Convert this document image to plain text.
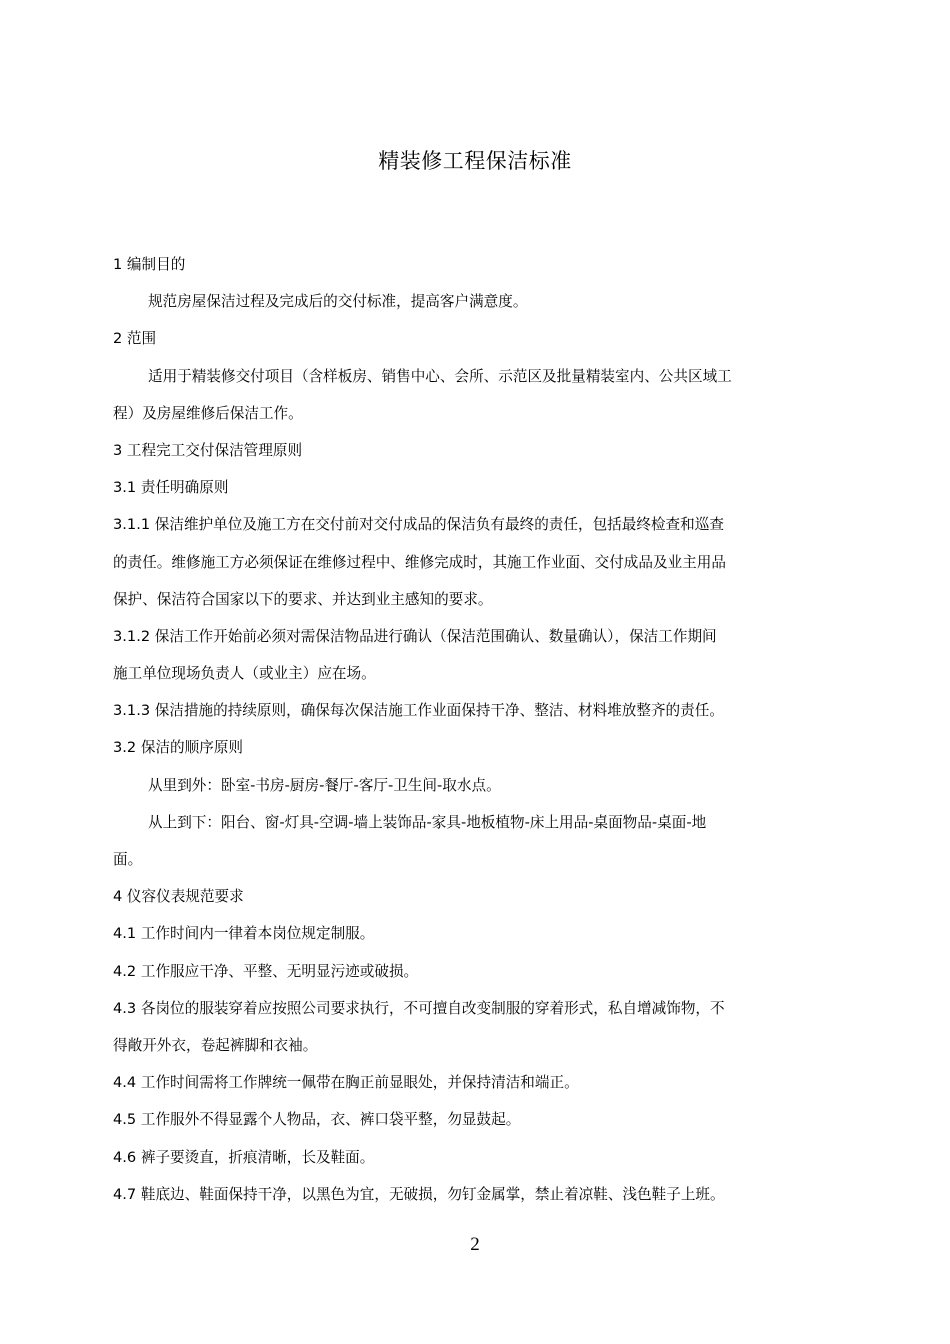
精装修工程保洁标准
1 编制目的
规范房屋保洁过程及完成后的交付标准，提高客户满意度。
2 范围
适用于精装修交付项目（含样板房、销售中心、会所、示范区及批量精装室内、公共区域工
程）及房屋维修后保洁工作。
3 工程完工交付保洁管理原则
3.1 责任明确原则
3.1.1 保洁维护单位及施工方在交付前对交付成品的保洁负有最终的责任，包括最终检查和巡查
的责任。维修施工方必须保证在维修过程中、维修完成时，其施工作业面、交付成品及业主用品
保护、保洁符合国家以下的要求、并达到业主感知的要求。
3.1.2 保洁工作开始前必须对需保洁物品进行确认（保洁范围确认、数量确认），保洁工作期间
施工单位现场负责人（或业主）应在场。
3.1.3 保洁措施的持续原则，确保每次保洁施工作业面保持干净、整洁、材料堆放整齐的责任。
3.2 保洁的顺序原则
从里到外：卧室-书房-厨房-餐厅-客厅-卫生间-取水点。
从上到下：阳台、窗-灯具-空调-墙上装饰品-家具-地板植物-床上用品-桌面物品-桌面-地
面。
4 仪容仪表规范要求
4.1 工作时间内一律着本岗位规定制服。
4.2 工作服应干净、平整、无明显污迹或破损。
4.3 各岗位的服装穿着应按照公司要求执行，不可擅自改变制服的穿着形式，私自增减饰物，不
得敞开外衣，卷起裤脚和衣袖。
4.4 工作时间需将工作牌统一佩带在胸正前显眼处，并保持清洁和端正。
4.5 工作服外不得显露个人物品，衣、裤口袋平整，勿显鼓起。
4.6 裤子要烫直，折痕清晰，长及鞋面。
4.7 鞋底边、鞋面保持干净，以黑色为宜，无破损，勿钉金属掌，禁止着凉鞋、浅色鞋子上班。
2
